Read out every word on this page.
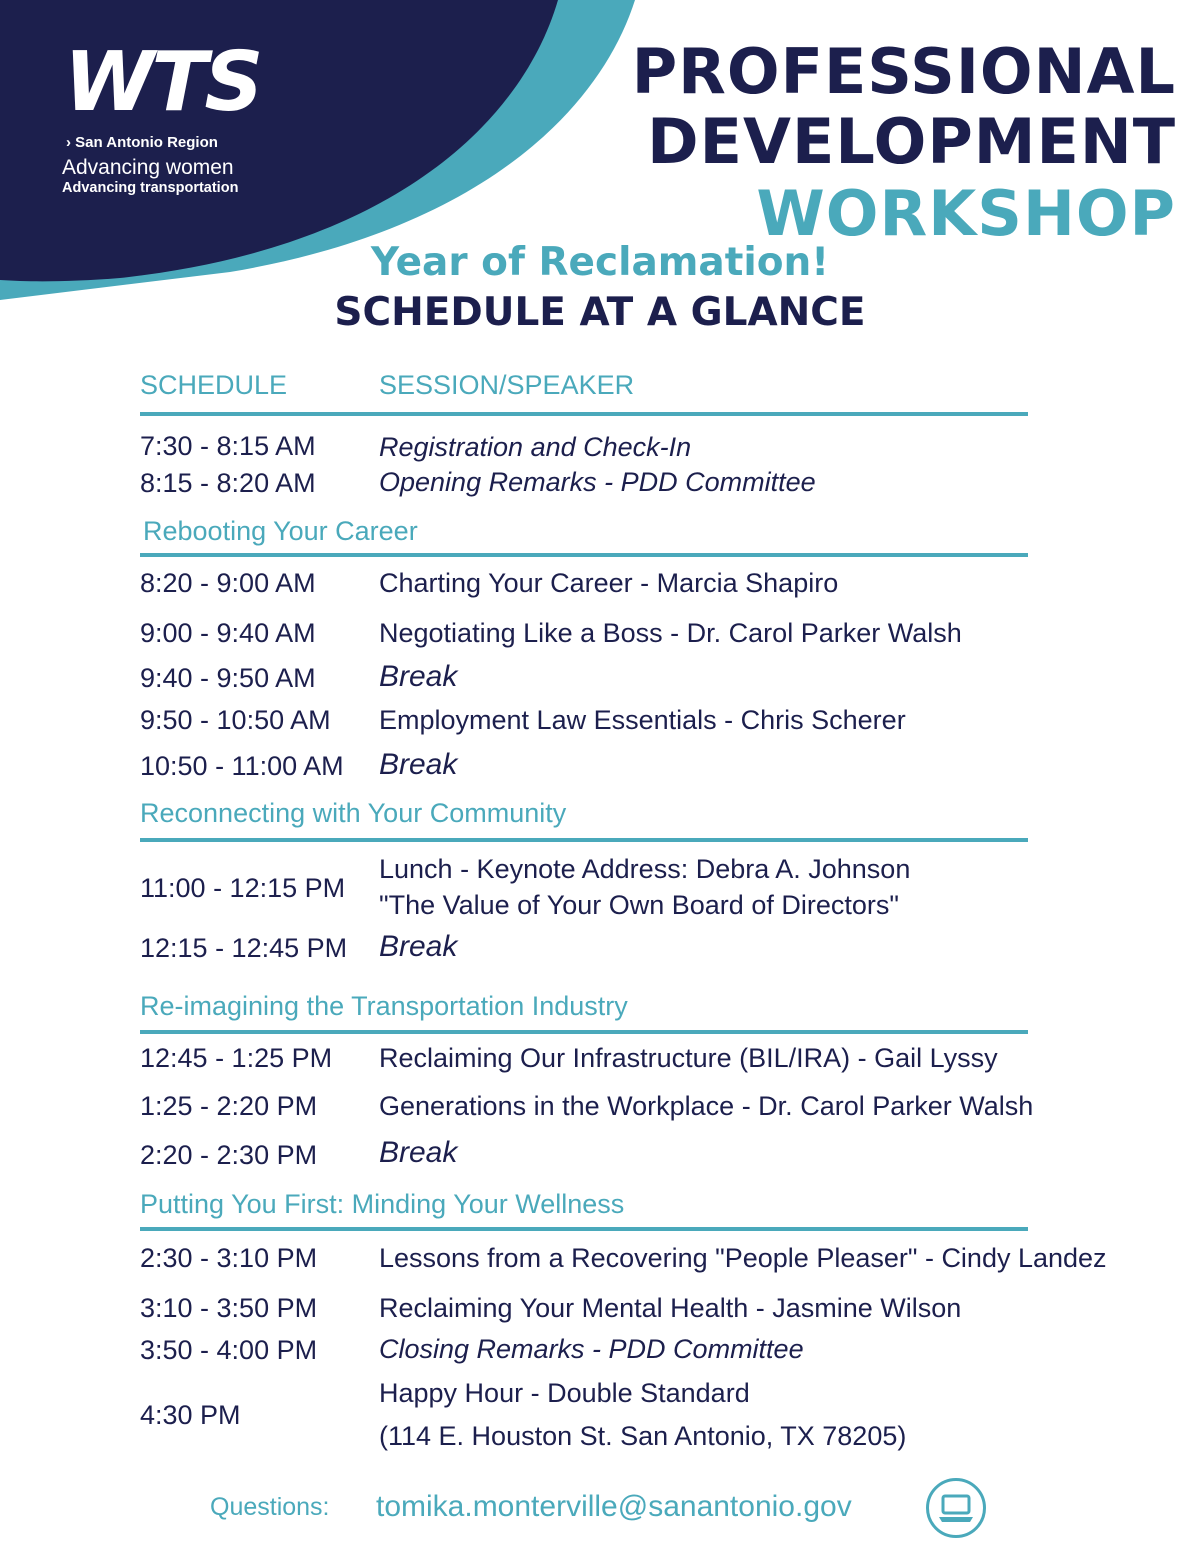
WTS
› San Antonio Region
Advancing women
Advancing transportation
PROFESSIONAL
DEVELOPMENT
WORKSHOP
Year of Reclamation!
SCHEDULE AT A GLANCE
SCHEDULE	SESSION/SPEAKER
7:30 - 8:15 AM Registration and Check-In
8:15 - 8:20 AM Opening Remarks - PDD Committee
Rebooting Your Career
8:20 - 9:00 AM Charting Your Career - Marcia Shapiro
9:00 - 9:40 AM Negotiating Like a Boss - Dr. Carol Parker Walsh
9:40 - 9:50 AM Break
9:50 - 10:50 AM Employment Law Essentials - Chris Scherer
10:50 - 11:00 AM Break
Reconnecting with Your Community
11:00 - 12:15 PM
Lunch - Keynote Address: Debra A. Johnson
"The Value of Your Own Board of Directors"
12:15 - 12:45 PM Break
Re-imagining the Transportation Industry
12:45 - 1:25 PM Reclaiming Our Infrastructure (BIL/IRA) - Gail Lyssy
1:25 - 2:20 PM Generations in the Workplace - Dr. Carol Parker Walsh
2:20 - 2:30 PM Break
Putting You First: Minding Your Wellness
2:30 - 3:10 PM Lessons from a Recovering "People Pleaser" - Cindy Landez
3:10 - 3:50 PM Reclaiming Your Mental Health - Jasmine Wilson
3:50 - 4:00 PM Closing Remarks - PDD Committee
4:30 PM
Happy Hour - Double Standard
(114 E. Houston St. San Antonio, TX 78205)
Questions: tomika.monterville@sanantonio.gov
